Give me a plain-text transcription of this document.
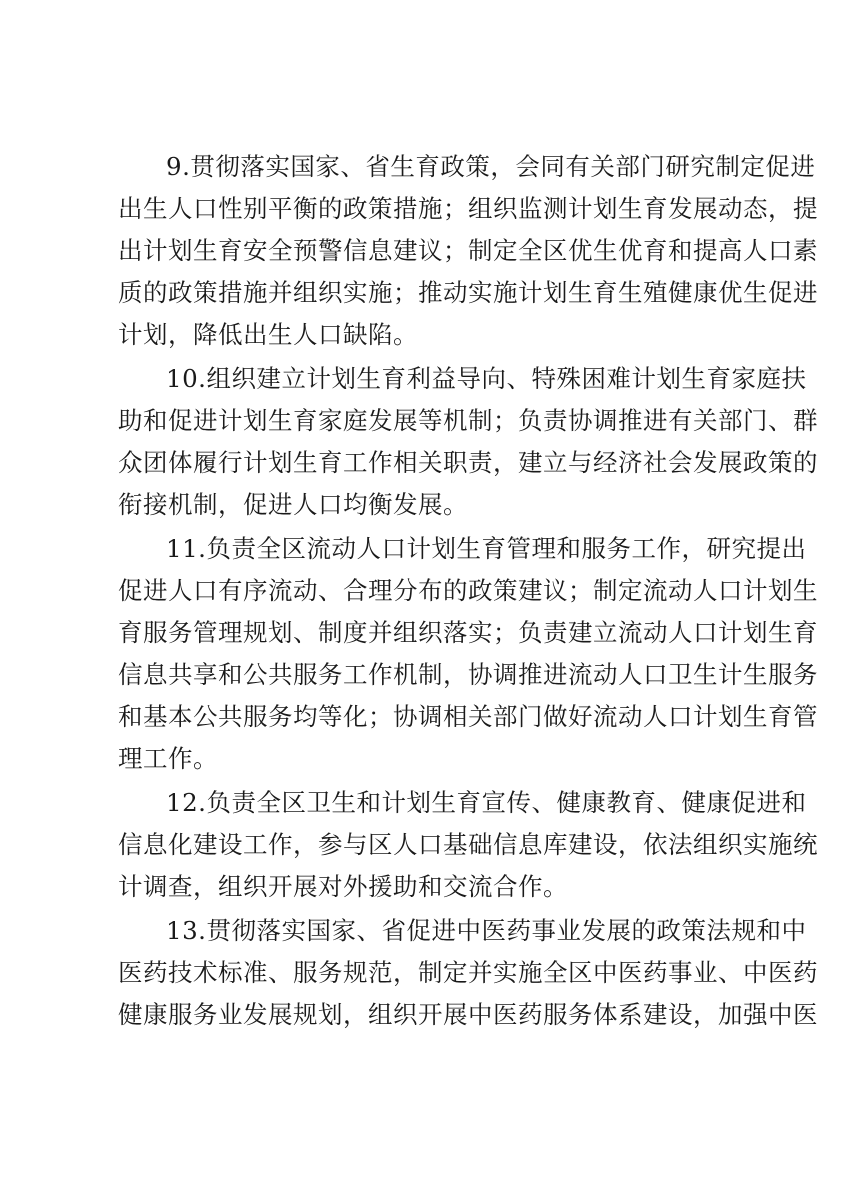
9.贯彻落实国家、省生育政策，会同有关部门研究制定促进
出生人口性别平衡的政策措施；组织监测计划生育发展动态，提
出计划生育安全预警信息建议；制定全区优生优育和提高人口素
质的政策措施并组织实施；推动实施计划生育生殖健康优生促进
计划，降低出生人口缺陷。
10.组织建立计划生育利益导向、特殊困难计划生育家庭扶
助和促进计划生育家庭发展等机制；负责协调推进有关部门、群
众团体履行计划生育工作相关职责，建立与经济社会发展政策的
衔接机制，促进人口均衡发展。
11.负责全区流动人口计划生育管理和服务工作，研究提出
促进人口有序流动、合理分布的政策建议；制定流动人口计划生
育服务管理规划、制度并组织落实；负责建立流动人口计划生育
信息共享和公共服务工作机制，协调推进流动人口卫生计生服务
和基本公共服务均等化；协调相关部门做好流动人口计划生育管
理工作。
12.负责全区卫生和计划生育宣传、健康教育、健康促进和
信息化建设工作，参与区人口基础信息库建设，依法组织实施统
计调查，组织开展对外援助和交流合作。
13.贯彻落实国家、省促进中医药事业发展的政策法规和中
医药技术标准、服务规范，制定并实施全区中医药事业、中医药
健康服务业发展规划，组织开展中医药服务体系建设，加强中医
